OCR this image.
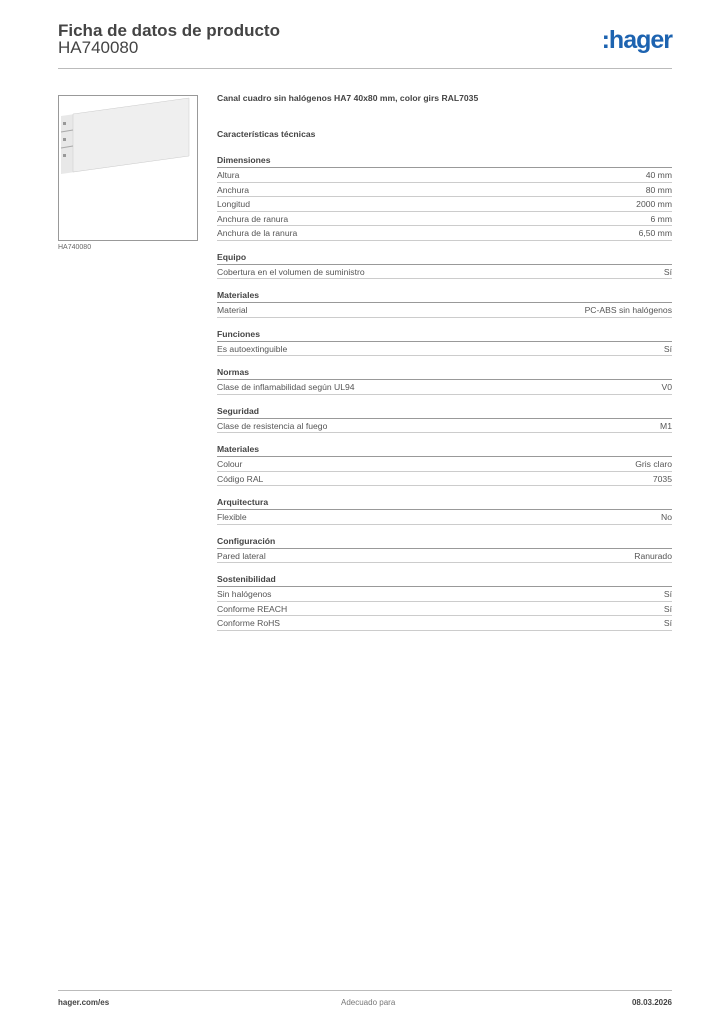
Ficha de datos de producto
HA740080	:hager
HA740080
Canal cuadro sin halógenos HA7 40x80 mm, color girs RAL7035
Características técnicas
Dimensiones
Altura	40 mm
Anchura	80 mm
Longitud	2000 mm
Anchura de ranura	6 mm
Anchura de la ranura	6,50 mm
Equipo
Cobertura en el volumen de suministro	Sí
Materiales
Material	PC-ABS sin halógenos
Funciones
Es autoextinguible	Sí
Normas
Clase de inflamabilidad según UL94	V0
Seguridad
Clase de resistencia al fuego	M1
Materiales
Colour	Gris claro
Código RAL	7035
Arquitectura
Flexible	No
Configuración
Pared lateral	Ranurado
Sostenibilidad
Sin halógenos	Sí
Conforme REACH	Sí
Conforme RoHS	Sí
hager.com/es	Adecuado para	08.03.2026
